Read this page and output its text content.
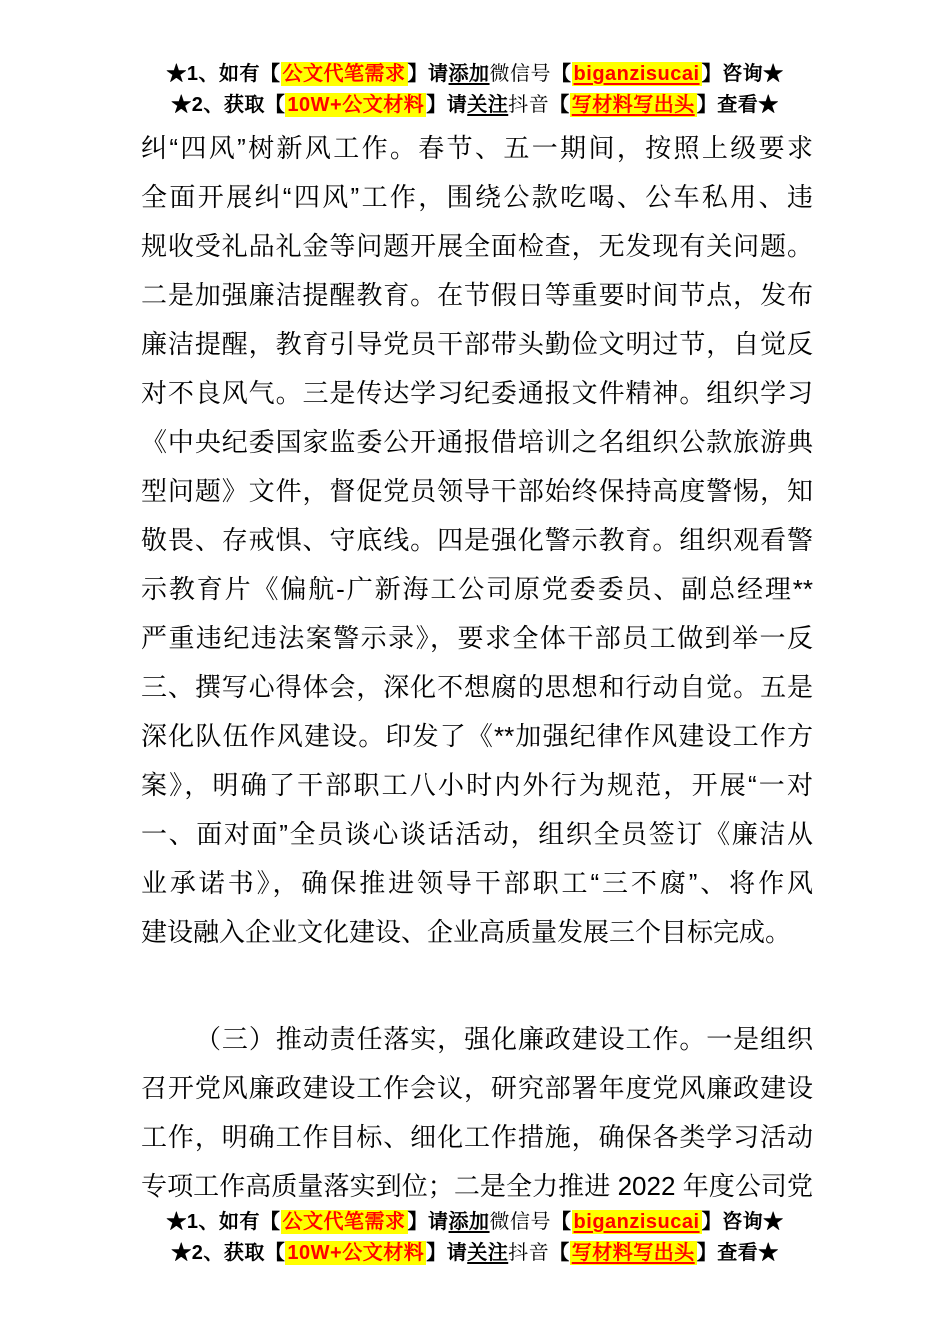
★1、如有【 公文代笔需求 】请添加微信号【 biganzisucai 】咨询★
★2、获取【 10W+公文材料 】请关注抖音【 写材料写出头 】查看★
纠“四风”树新风工作。春节、五一期间，按照上级要求
全面开展纠“四风”工作，围绕公款吃喝、公车私用、违
规收受礼品礼金等问题开展全面检查，无发现有关问题。
二是加强廉洁提醒教育。在节假日等重要时间节点，发布
廉洁提醒，教育引导党员干部带头勤俭文明过节，自觉反
对不良风气。三是传达学习纪委通报文件精神。组织学习
《中央纪委国家监委公开通报借培训之名组织公款旅游典
型问题》文件，督促党员领导干部始终保持高度警惕，知
敬畏、存戒惧、守底线。四是强化警示教育。组织观看警
示教育片《偏航-广新海工公司原党委委员、副总经理**
严重违纪违法案警示录》，要求全体干部员工做到举一反
三、撰写心得体会，深化不想腐的思想和行动自觉。五是
深化队伍作风建设。印发了《**加强纪律作风建设工作方
案》，明确了干部职工八小时内外行为规范，开展“一对
一、面对面”全员谈心谈话活动，组织全员签订《廉洁从
业承诺书》，确保推进领导干部职工“三不腐”、将作风
建设融入企业文化建设、企业高质量发展三个目标完成。
（三）推动责任落实，强化廉政建设工作。一是组织
召开党风廉政建设工作会议，研究部署年度党风廉政建设
工作，明确工作目标、细化工作措施，确保各类学习活动
专项工作高质量落实到位；二是全力推进 2022 年度公司党
★1、如有【 公文代笔需求 】请添加微信号【 biganzisucai 】咨询★
★2、获取【 10W+公文材料 】请关注抖音【 写材料写出头 】查看★
